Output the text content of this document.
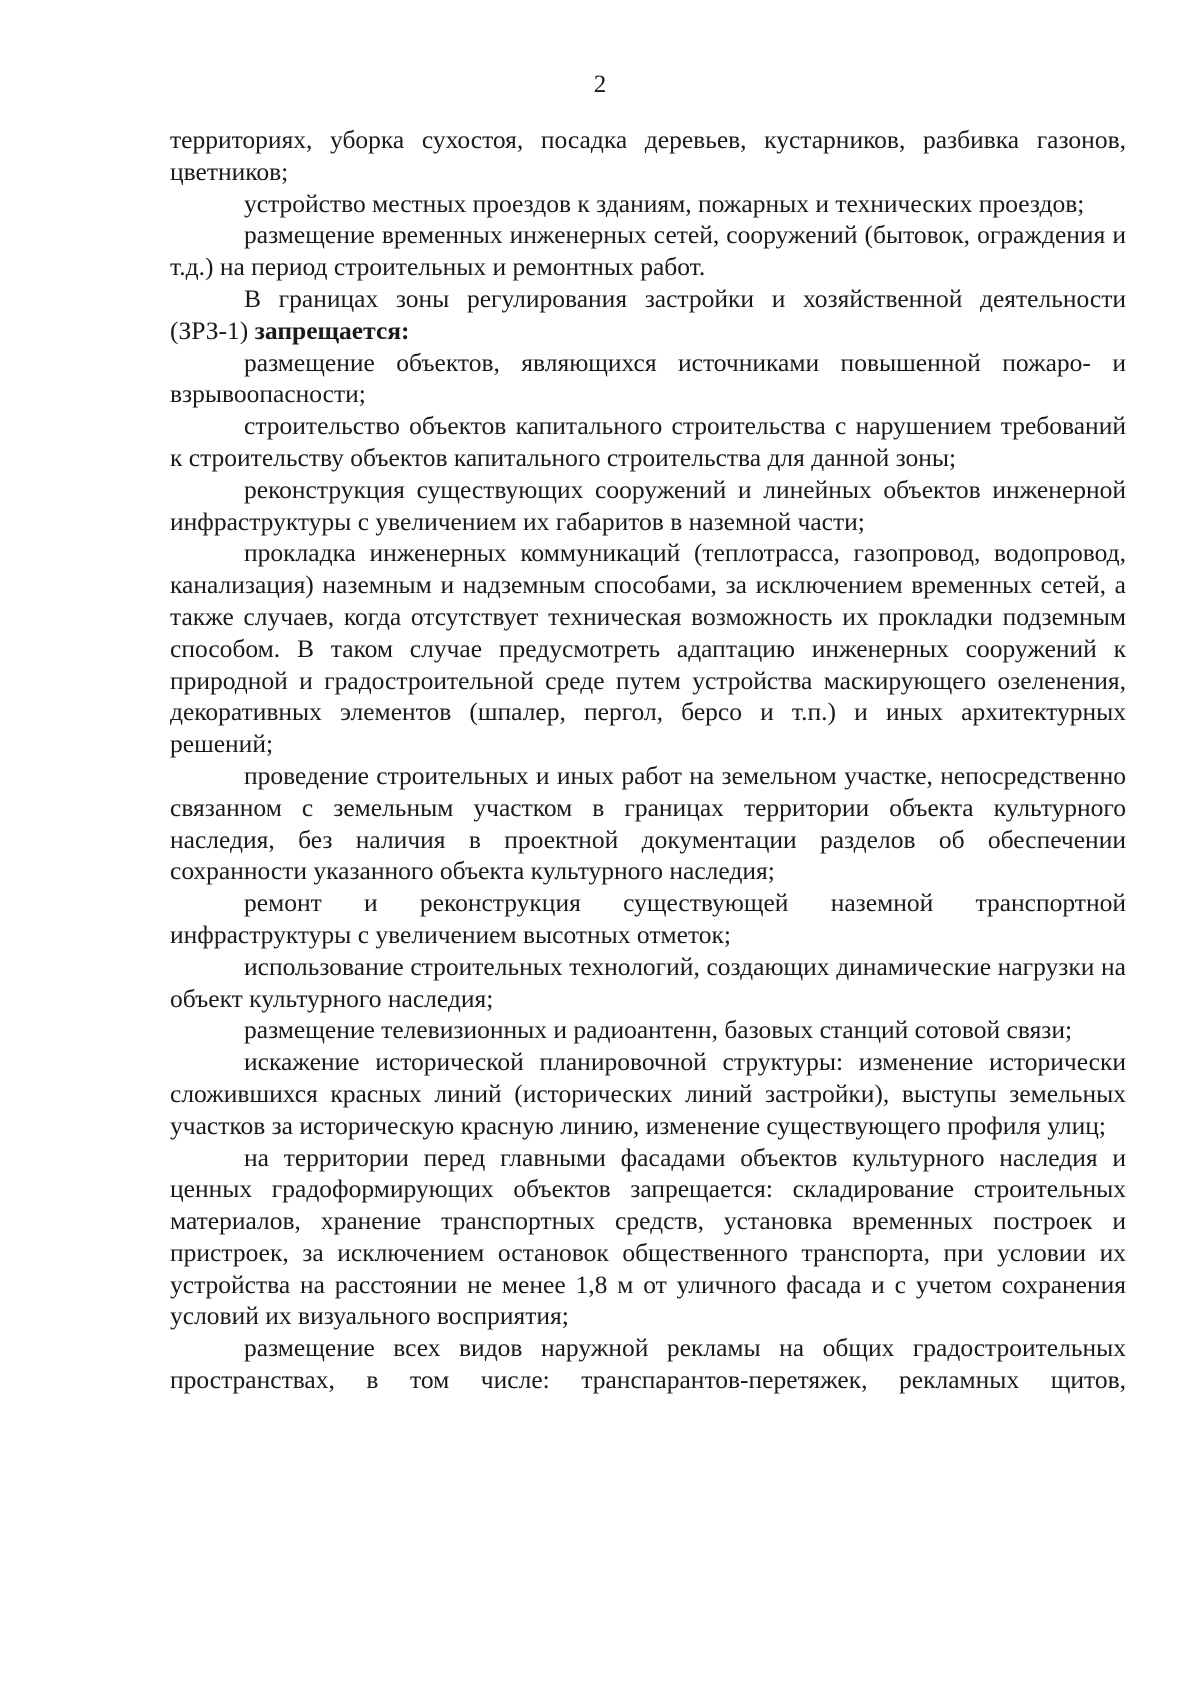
2

территориях, уборка сухостоя, посадка деревьев, кустарников, разбивка газонов, цветников;

устройство местных проездов к зданиям, пожарных и технических проездов;

размещение временных инженерных сетей, сооружений (бытовок, ограждения и т.д.) на период строительных и ремонтных работ.

В границах зоны регулирования застройки и хозяйственной деятельности (ЗРЗ-1) запрещается:

размещение объектов, являющихся источниками повышенной пожаро- и взрывоопасности;

строительство объектов капитального строительства с нарушением требований к строительству объектов капитального строительства для данной зоны;

реконструкция существующих сооружений и линейных объектов инженерной инфраструктуры с увеличением их габаритов в наземной части;

прокладка инженерных коммуникаций (теплотрасса, газопровод, водопровод, канализация) наземным и надземным способами, за исключением временных сетей, а также случаев, когда отсутствует техническая возможность их прокладки подземным способом. В таком случае предусмотреть адаптацию инженерных сооружений к природной и градостроительной среде путем устройства маскирующего озеленения, декоративных элементов (шпалер, пергол, берсо и т.п.) и иных архитектурных решений;

проведение строительных и иных работ на земельном участке, непосредственно связанном с земельным участком в границах территории объекта культурного наследия, без наличия в проектной документации разделов об обеспечении сохранности указанного объекта культурного наследия;

ремонт и реконструкция существующей наземной транспортной инфраструктуры с увеличением высотных отметок;

использование строительных технологий, создающих динамические нагрузки на объект культурного наследия;

размещение телевизионных и радиоантенн, базовых станций сотовой связи;

искажение исторической планировочной структуры: изменение исторически сложившихся красных линий (исторических линий застройки), выступы земельных участков за историческую красную линию, изменение существующего профиля улиц;

на территории перед главными фасадами объектов культурного наследия и ценных градоформирующих объектов запрещается: складирование строительных материалов, хранение транспортных средств, установка временных построек и пристроек, за исключением остановок общественного транспорта, при условии их устройства на расстоянии не менее 1,8 м от уличного фасада и с учетом сохранения условий их визуального восприятия;

размещение всех видов наружной рекламы на общих градостроительных пространствах, в том числе: транспарантов-перетяжек, рекламных щитов,
